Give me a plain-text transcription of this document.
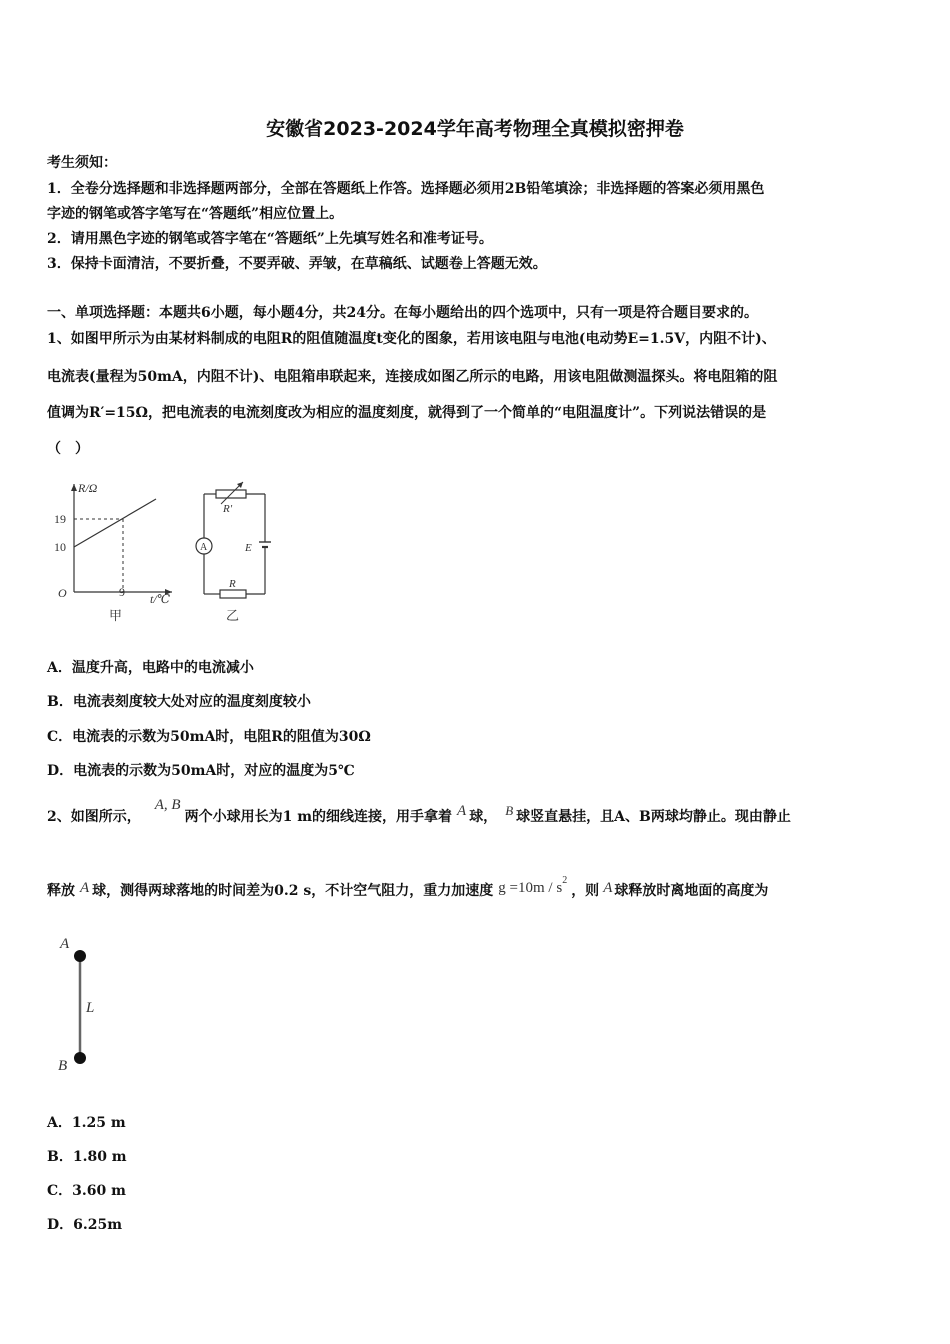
安徽省2023-2024学年高考物理全真模拟密押卷
考生须知：
1．全卷分选择题和非选择题两部分，全部在答题纸上作答。选择题必须用2B铅笔填涂；非选择题的答案必须用黑色
字迹的钢笔或答字笔写在“答题纸”相应位置上。
2．请用黑色字迹的钢笔或答字笔在“答题纸”上先填写姓名和准考证号。
3．保持卡面清洁，不要折叠，不要弄破、弄皱，在草稿纸、试题卷上答题无效。
一、单项选择题：本题共6小题，每小题4分，共24分。在每小题给出的四个选项中，只有一项是符合题目要求的。
1、如图甲所示为由某材料制成的电阻R的阻值随温度t变化的图象，若用该电阻与电池(电动势E=1.5V，内阻不计)、
电流表(量程为50mA，内阻不计)、电阻箱串联起来，连接成如图乙所示的电路，用该电阻做测温探头。将电阻箱的阻
值调为R′=15Ω，把电流表的电流刻度改为相应的温度刻度，就得到了一个简单的“电阻温度计”。下列说法错误的是
（　）
R/Ω
19
10
O	9 t/℃
甲
R′
A	E
R
乙
A．温度升高，电路中的电流减小
B．电流表刻度较大处对应的温度刻度较小
C．电流表的示数为50mA时，电阻R的阻值为30Ω
D．电流表的示数为50mA时，对应的温度为5℃
2、如图所示，A, B两个小球用长为1 m的细线连接，用手拿着 A 球， B 球竖直悬挂，且A、B两球均静止。现由静止
释放 A 球，测得两球落地的时间差为0.2 s，不计空气阻力，重力加速度 $g =10m / s^2$，则 A 球释放时离地面的高度为
A
B
L
A．1.25 m
B．1.80 m
C．3.60 m
D．6.25m
